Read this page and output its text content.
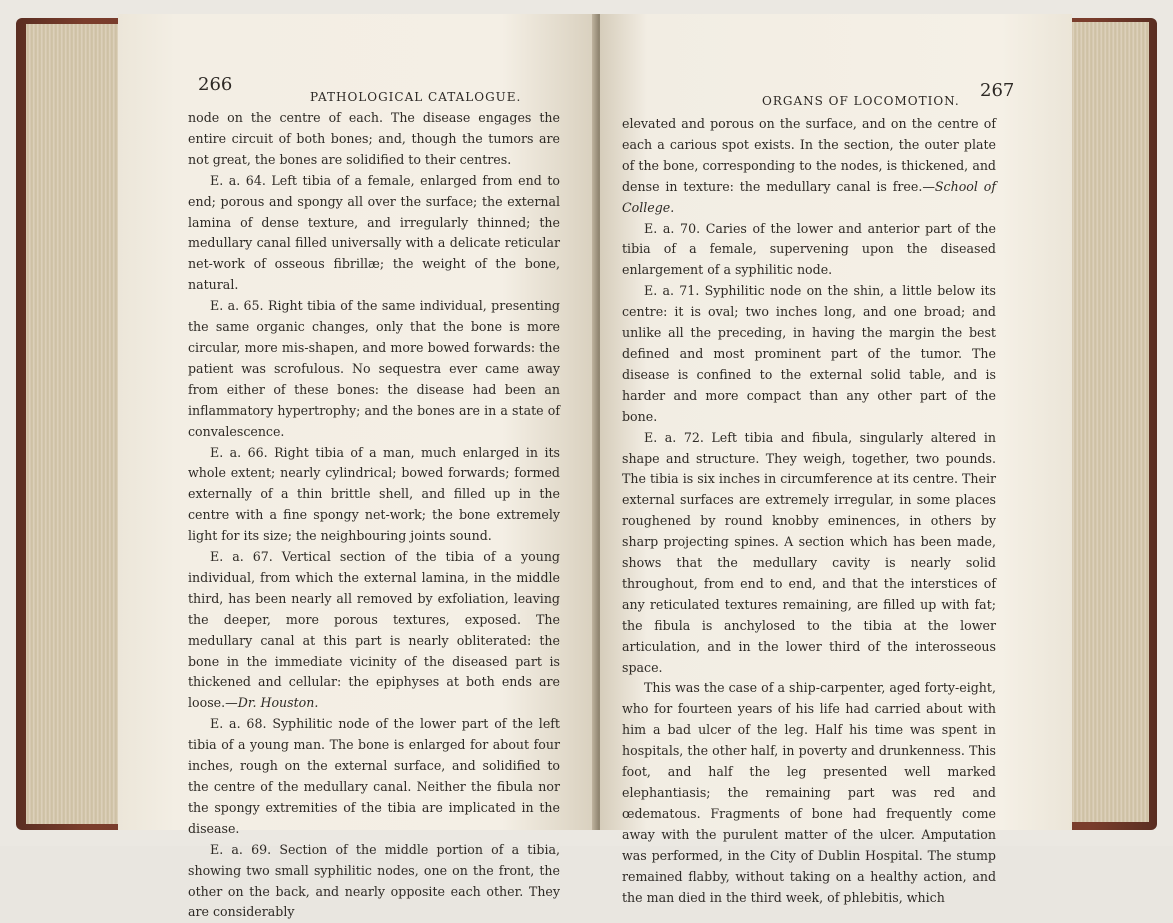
266
PATHOLOGICAL CATALOGUE.

node on the centre of each. The disease engages the entire circuit of both bones; and, though the tumors are not great, the bones are solidified to their centres.

E. a. 64. Left tibia of a female, enlarged from end to end; porous and spongy all over the surface; the external lamina of dense texture, and irregularly thinned; the medullary canal filled universally with a delicate reticular net-work of osseous fibrillæ; the weight of the bone, natural.

E. a. 65. Right tibia of the same individual, presenting the same organic changes, only that the bone is more circular, more mis-shapen, and more bowed forwards: the patient was scrofulous. No sequestra ever came away from either of these bones: the disease had been an inflammatory hypertrophy; and the bones are in a state of convalescence.

E. a. 66. Right tibia of a man, much enlarged in its whole extent; nearly cylindrical; bowed forwards; formed externally of a thin brittle shell, and filled up in the centre with a fine spongy net-work; the bone extremely light for its size; the neighbouring joints sound.

E. a. 67. Vertical section of the tibia of a young individual, from which the external lamina, in the middle third, has been nearly all removed by exfoliation, leaving the deeper, more porous textures, exposed. The medullary canal at this part is nearly obliterated: the bone in the immediate vicinity of the diseased part is thickened and cellular: the epiphyses at both ends are loose.—Dr. Houston.

E. a. 68. Syphilitic node of the lower part of the left tibia of a young man. The bone is enlarged for about four inches, rough on the external surface, and solidified to the centre of the medullary canal. Neither the fibula nor the spongy extremities of the tibia are implicated in the disease.

E. a. 69. Section of the middle portion of a tibia, showing two small syphilitic nodes, one on the front, the other on the back, and nearly opposite each other. They are considerably

ORGANS OF LOCOMOTION. 267

elevated and porous on the surface, and on the centre of each a carious spot exists. In the section, the outer plate of the bone, corresponding to the nodes, is thickened, and dense in texture: the medullary canal is free.—School of College.

E. a. 70. Caries of the lower and anterior part of the tibia of a female, supervening upon the diseased enlargement of a syphilitic node.

E. a. 71. Syphilitic node on the shin, a little below its centre: it is oval; two inches long, and one broad; and unlike all the preceding, in having the margin the best defined and most prominent part of the tumor. The disease is confined to the external solid table, and is harder and more compact than any other part of the bone.

E. a. 72. Left tibia and fibula, singularly altered in shape and structure. They weigh, together, two pounds. The tibia is six inches in circumference at its centre. Their external surfaces are extremely irregular, in some places roughened by round knobby eminences, in others by sharp projecting spines. A section which has been made, shows that the medullary cavity is nearly solid throughout, from end to end, and that the interstices of any reticulated textures remaining, are filled up with fat; the fibula is anchylosed to the tibia at the lower articulation, and in the lower third of the interosseous space.

This was the case of a ship-carpenter, aged forty-eight, who for fourteen years of his life had carried about with him a bad ulcer of the leg. Half his time was spent in hospitals, the other half, in poverty and drunkenness. This foot, and half the leg presented well marked elephantiasis; the remaining part was red and œdematous. Fragments of bone had frequently come away with the purulent matter of the ulcer. Amputation was performed, in the City of Dublin Hospital. The stump remained flabby, without taking on a healthy action, and the man died in the third week, of phlebitis, which
